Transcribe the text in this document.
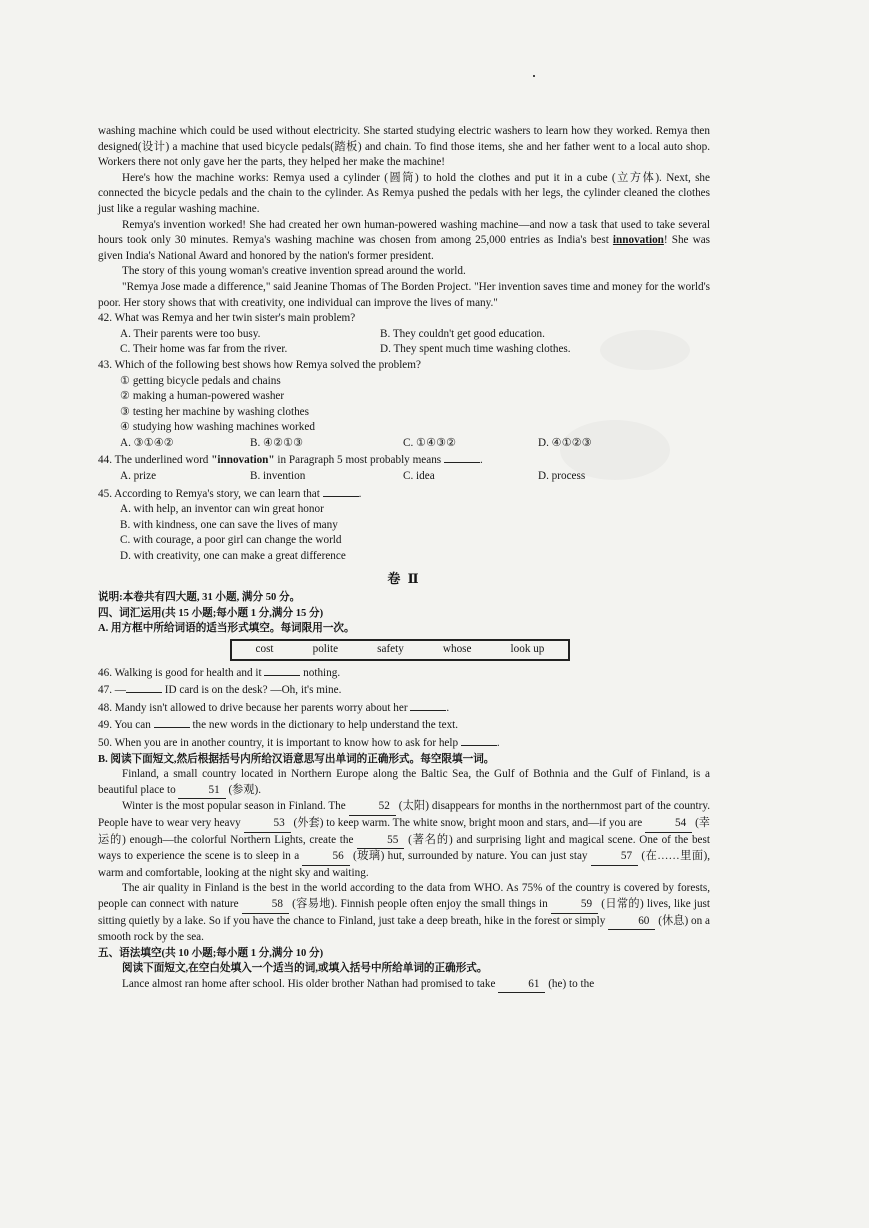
washing machine which could be used without electricity. She started studying electric washers to learn how they worked. Remya then designed(设计) a machine that used bicycle pedals(踏板) and chain. To find those items, she and her father went to a local auto shop. Workers there not only gave her the parts, they helped her make the machine!

Here's how the machine works: Remya used a cylinder (圆筒) to hold the clothes and put it in a cube (立方体). Next, she connected the bicycle pedals and the chain to the cylinder. As Remya pushed the pedals with her legs, the cylinder cleaned the clothes just like a regular washing machine.

Remya's invention worked! She had created her own human-powered washing machine—and now a task that used to take several hours took only 30 minutes. Remya's washing machine was chosen from among 25,000 entries as India's best innovation! She was given India's National Award and honored by the nation's former president.

The story of this young woman's creative invention spread around the world.

"Remya Jose made a difference," said Jeanine Thomas of The Borden Project. "Her invention saves time and money for the world's poor. Her story shows that with creativity, one individual can improve the lives of many."

42. What was Remya and her twin sister's main problem?

A. Their parents were too busy.	B. They couldn't get good education.
C. Their home was far from the river.	D. They spent much time washing clothes.

43. Which of the following best shows how Remya solved the problem?

① getting bicycle pedals and chains

② making a human-powered washer

③ testing her machine by washing clothes

④ studying how washing machines worked

A. ③①④②	B. ④②①③	C. ①④③②	D. ④①②③

44. The underlined word "innovation" in Paragraph 5 most probably means	.

A. prize	B. invention	C. idea	D. process

45. According to Remya's story, we can learn that	.

A. with help, an inventor can win great honor

B. with kindness, one can save the lives of many

C. with courage, a poor girl can change the world

D. with creativity, one can make a great difference

卷 Ⅱ

说明:本卷共有四大题, 31 小题, 满分 50 分。

四、词汇运用(共 15 小题;每小题 1 分,满分 15 分)

A. 用方框中所给词语的适当形式填空。每词限用一次。

cost	polite	safety	whose	look up

46. Walking is good for health and it	nothing.

47. —	ID card is on the desk? —Oh, it's mine.

48. Mandy isn't allowed to drive because her parents worry about her	.

49. You can	the new words in the dictionary to help understand the text.

50. When you are in another country, it is important to know how to ask for help	.

B. 阅读下面短文,然后根据括号内所给汉语意思写出单词的正确形式。每空限填一词。

Finland, a small country located in Northern Europe along the Baltic Sea, the Gulf of Bothnia and the Gulf of Finland, is a beautiful place to	51 (参观).

Winter is the most popular season in Finland. The	52 (太阳) disappears for months in the northernmost part of the country. People have to wear very heavy	53 (外套) to keep warm. The white snow, bright moon and stars, and—if you are	54 (幸运的) enough—the colorful Northern Lights, create the	55 (著名的) and surprising light and magical scene. One of the best ways to experience the scene is to sleep in a	56 (玻璃) hut, surrounded by nature. You can just stay	57 (在……里面), warm and comfortable, looking at the night sky and waiting.

The air quality in Finland is the best in the world according to the data from WHO. As 75% of the country is covered by forests, people can connect with nature	58 (容易地). Finnish people often enjoy the small things in	59 (日常的) lives, like just sitting quietly by a lake. So if you have the chance to Finland, just take a deep breath, hike in the forest or simply	60 (休息) on a smooth rock by the sea.

五、语法填空(共 10 小题;每小题 1 分,满分 10 分)

阅读下面短文,在空白处填入一个适当的词,或填入括号中所给单词的正确形式。

Lance almost ran home after school. His older brother Nathan had promised to take	61 (he) to the
